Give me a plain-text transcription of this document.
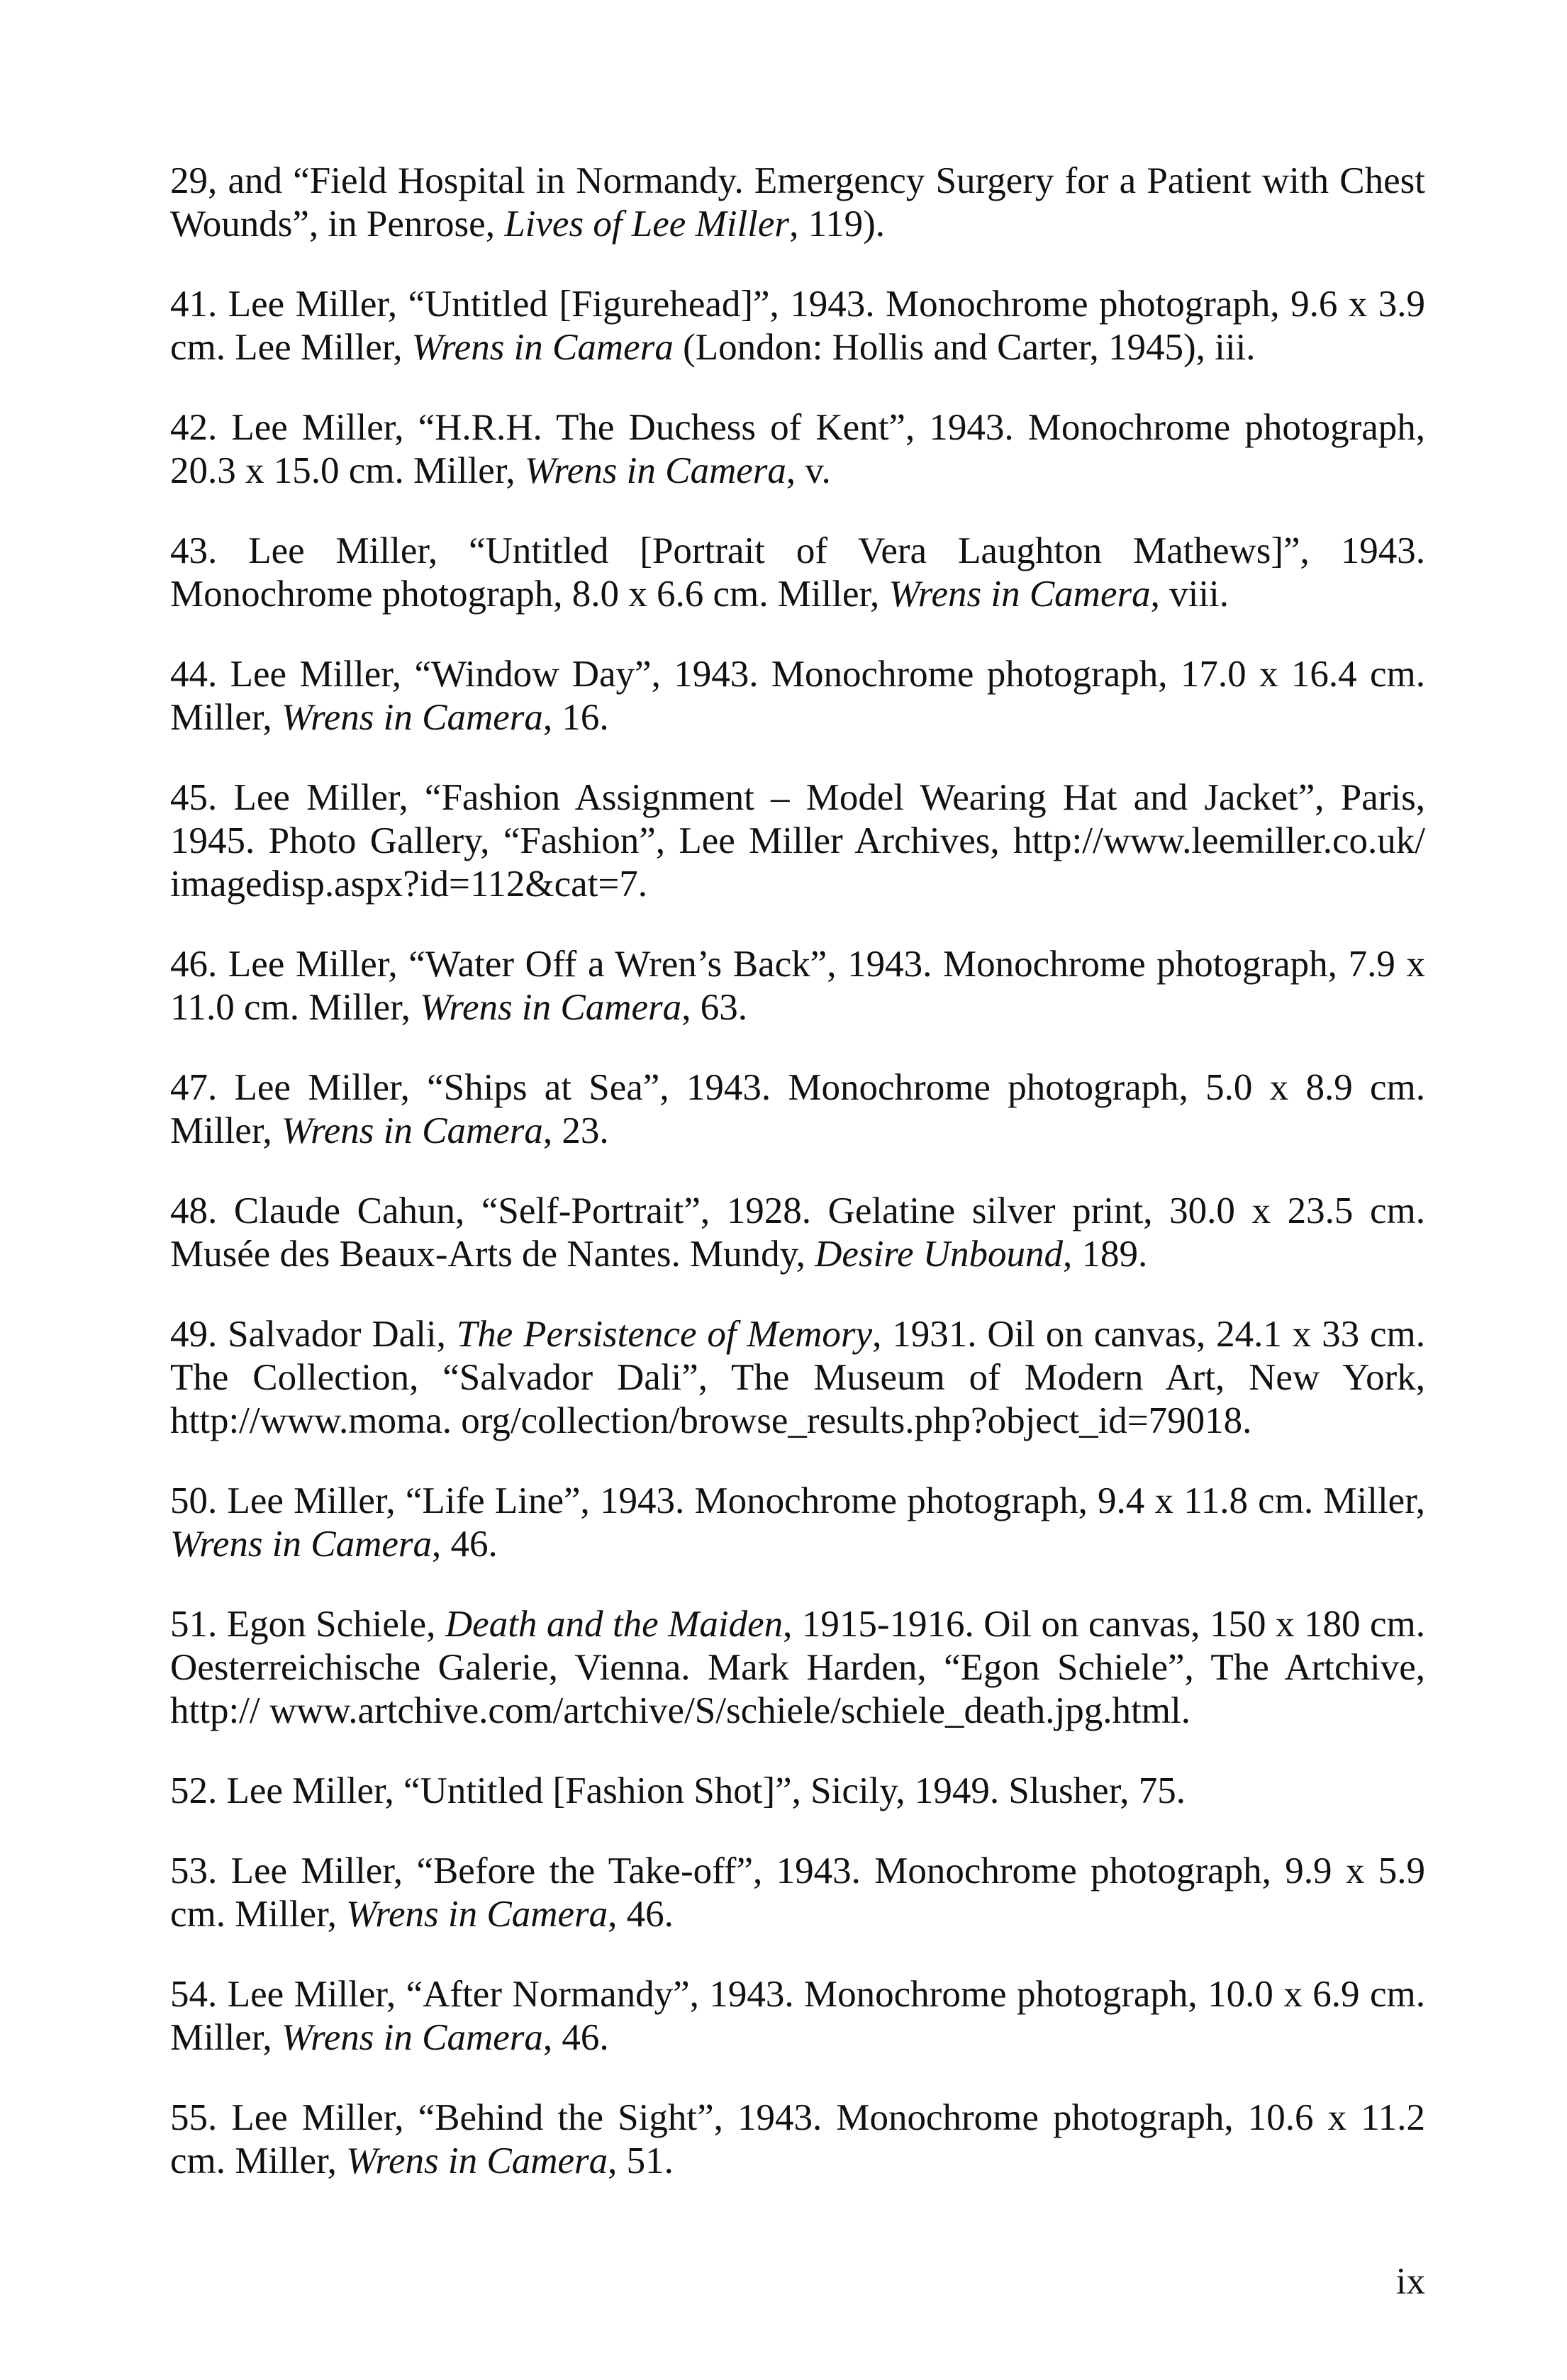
29, and “Field Hospital in Normandy. Emergency Surgery for a Patient with Chest Wounds”, in Penrose, Lives of Lee Miller, 119).

41. Lee Miller, “Untitled [Figurehead]”, 1943. Monochrome photograph, 9.6 x 3.9 cm. Lee Miller, Wrens in Camera (London: Hollis and Carter, 1945), iii.

42. Lee Miller, “H.R.H. The Duchess of Kent”, 1943. Monochrome photograph, 20.3 x 15.0 cm. Miller, Wrens in Camera, v.

43. Lee Miller, “Untitled [Portrait of Vera Laughton Mathews]”, 1943. Monochrome photograph, 8.0 x 6.6 cm. Miller, Wrens in Camera, viii.

44. Lee Miller, “Window Day”, 1943. Monochrome photograph, 17.0 x 16.4 cm. Miller, Wrens in Camera, 16.

45. Lee Miller, “Fashion Assignment – Model Wearing Hat and Jacket”, Paris, 1945. Photo Gallery, “Fashion”, Lee Miller Archives, http://www.leemiller.co.uk/ imagedisp.aspx?id=112&cat=7.

46. Lee Miller, “Water Off a Wren’s Back”, 1943. Monochrome photograph, 7.9 x 11.0 cm. Miller, Wrens in Camera, 63.

47. Lee Miller, “Ships at Sea”, 1943. Monochrome photograph, 5.0 x 8.9 cm. Miller, Wrens in Camera, 23.

48. Claude Cahun, “Self-Portrait”, 1928. Gelatine silver print, 30.0 x 23.5 cm. Musée des Beaux-Arts de Nantes. Mundy, Desire Unbound, 189.

49. Salvador Dali, The Persistence of Memory, 1931. Oil on canvas, 24.1 x 33 cm. The Collection, “Salvador Dali”, The Museum of Modern Art, New York, http://www.moma. org/collection/browse_results.php?object_id=79018.

50. Lee Miller, “Life Line”, 1943. Monochrome photograph, 9.4 x 11.8 cm. Miller, Wrens in Camera, 46.

51. Egon Schiele, Death and the Maiden, 1915-1916. Oil on canvas, 150 x 180 cm. Oesterreichische Galerie, Vienna. Mark Harden, “Egon Schiele”, The Artchive, http:// www.artchive.com/artchive/S/schiele/schiele_death.jpg.html.

52. Lee Miller, “Untitled [Fashion Shot]”, Sicily, 1949. Slusher, 75.

53. Lee Miller, “Before the Take-off”, 1943. Monochrome photograph, 9.9 x 5.9 cm. Miller, Wrens in Camera, 46.

54. Lee Miller, “After Normandy”, 1943. Monochrome photograph, 10.0 x 6.9 cm. Miller, Wrens in Camera, 46.

55. Lee Miller, “Behind the Sight”, 1943. Monochrome photograph, 10.6 x 11.2 cm. Miller, Wrens in Camera, 51.

ix
